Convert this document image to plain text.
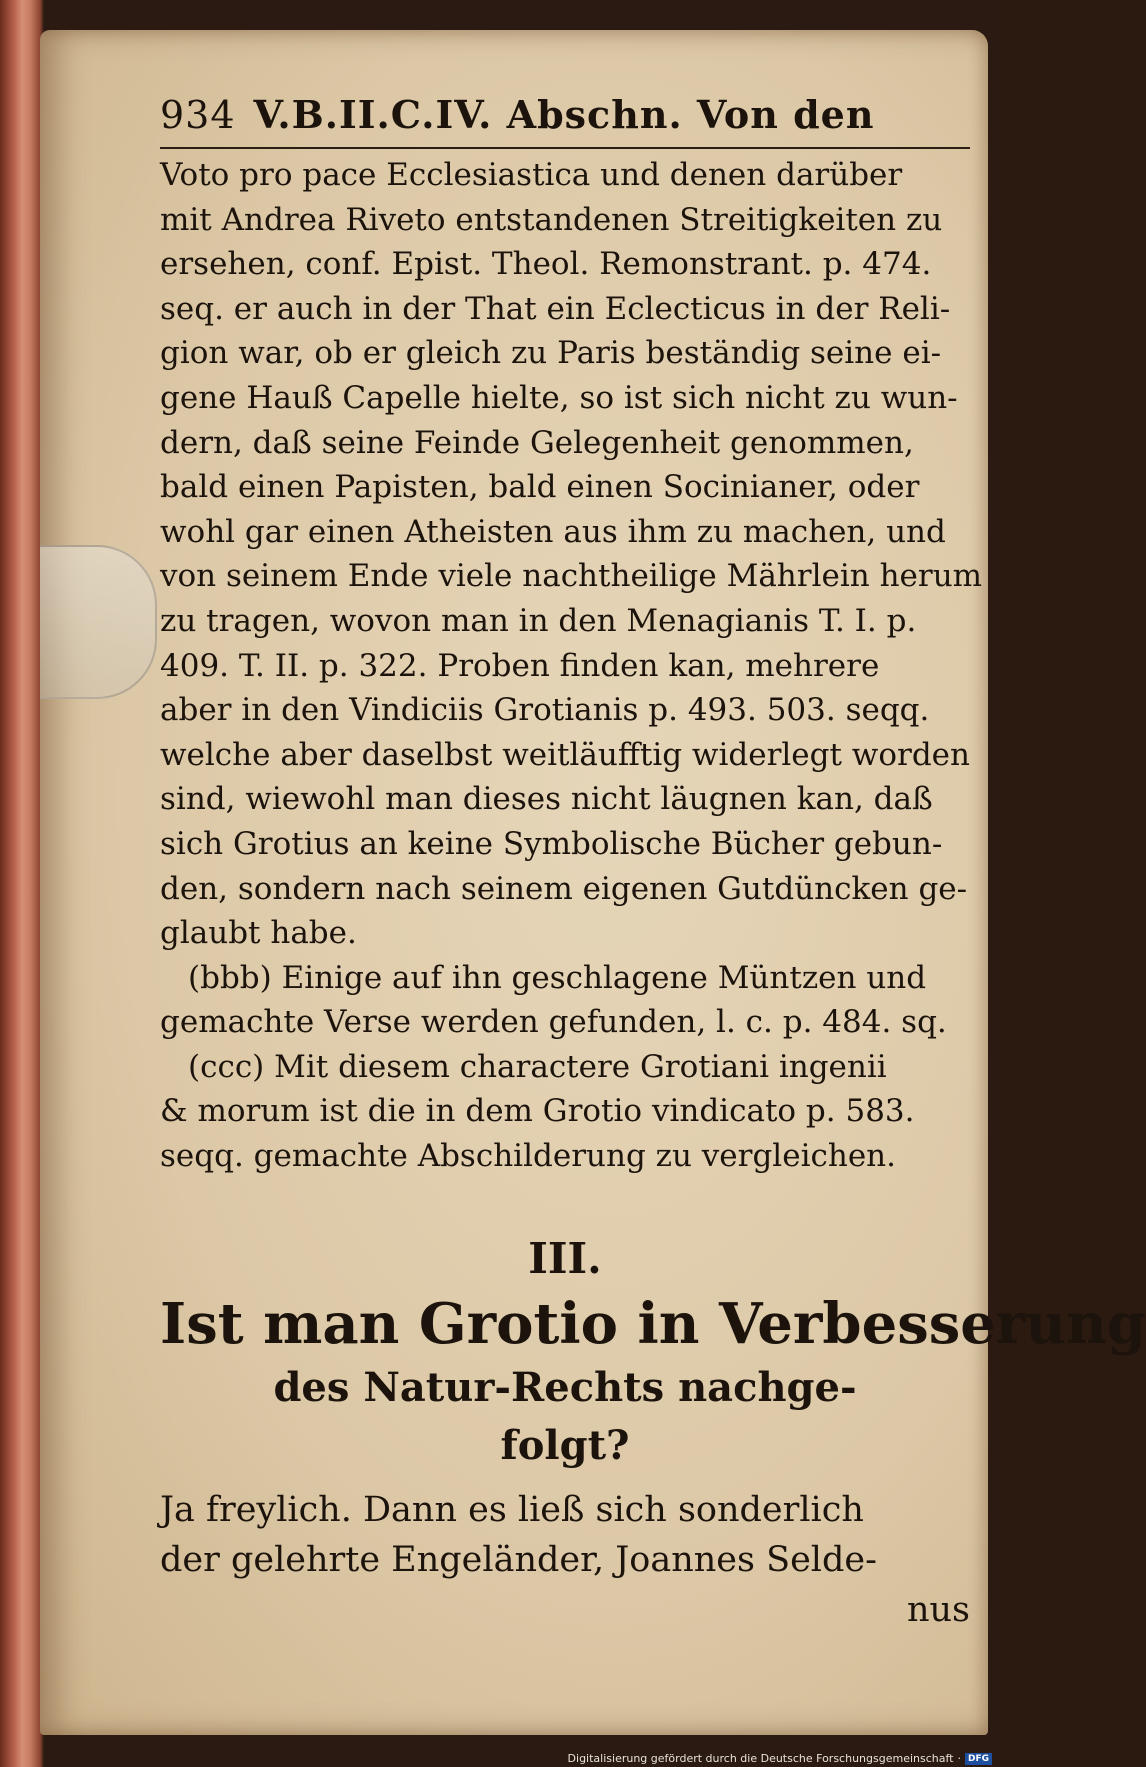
934 V.B.II.C.IV. Abschn. Von den
Voto pro pace Ecclesiastica und denen darüber
mit Andrea Riveto entstandenen Streitigkeiten zu
ersehen, conf. Epist. Theol. Remonstrant. p. 474.
seq. er auch in der That ein Eclecticus in der Reli-
gion war, ob er gleich zu Paris beständig seine ei-
gene Hauß Capelle hielte, so ist sich nicht zu wun-
dern, daß seine Feinde Gelegenheit genommen,
bald einen Papisten, bald einen Socinianer, oder
wohl gar einen Atheisten aus ihm zu machen, und
von seinem Ende viele nachtheilige Mährlein herum
zu tragen, wovon man in den Menagianis T. I. p.
409. T. II. p. 322. Proben finden kan, mehrere
aber in den Vindiciis Grotianis p. 493. 503. seqq.
welche aber daselbst weitläufftig widerlegt worden
sind, wiewohl man dieses nicht läugnen kan, daß
sich Grotius an keine Symbolische Bücher gebun-
den, sondern nach seinem eigenen Gutdüncken ge-
glaubt habe.
(bbb) Einige auf ihn geschlagene Müntzen und
gemachte Verse werden gefunden, l. c. p. 484. sq.
(ccc) Mit diesem charactere Grotiani ingenii
& morum ist die in dem Grotio vindicato p. 583.
seqq. gemachte Abschilderung zu vergleichen.
III.
Ist man Grotio in Verbesserung
des Natur-Rechts nachge-
folgt?
Ja freylich. Dann es ließ sich sonderlich
der gelehrte Engeländer, Joannes Selde-
nus
Digitalisierung gefördert durch die Deutsche Forschungsgemeinschaft · DFG
